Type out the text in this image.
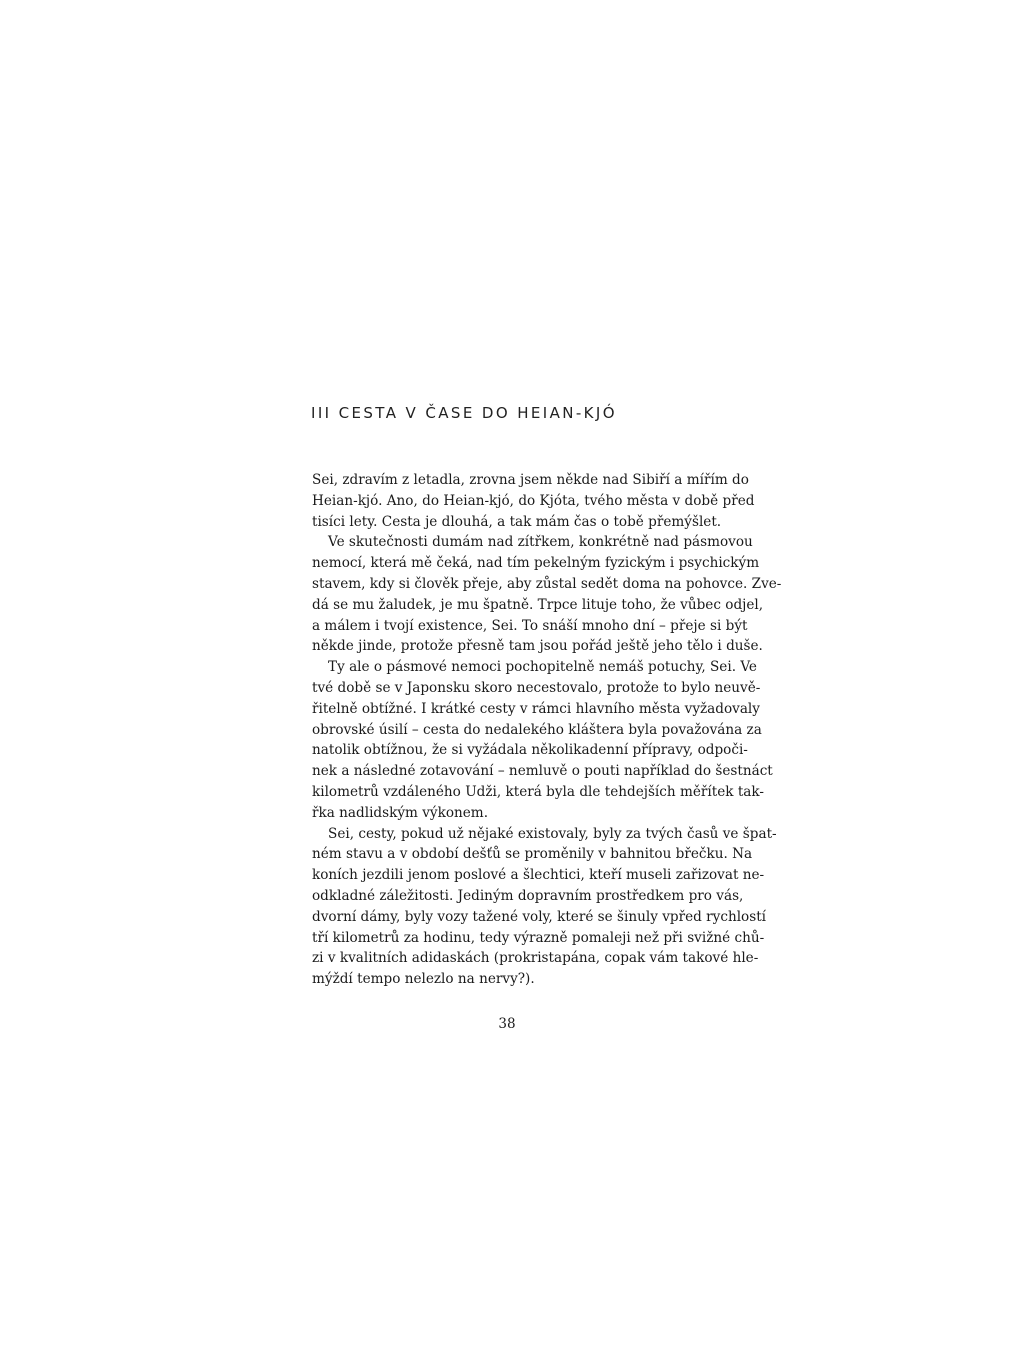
III CESTA V ČASE DO HEIAN-KJÓ
Sei, zdravím z letadla, zrovna jsem někde nad Sibiří a mířím do
Heian-kjó. Ano, do Heian-kjó, do Kjóta, tvého města v době před
tisíci lety. Cesta je dlouhá, a tak mám čas o tobě přemýšlet.
Ve skutečnosti dumám nad zítřkem, konkrétně nad pásmovou
nemocí, která mě čeká, nad tím pekelným fyzickým i psychickým
stavem, kdy si člověk přeje, aby zůstal sedět doma na pohovce. Zve-
dá se mu žaludek, je mu špatně. Trpce lituje toho, že vůbec odjel,
a málem i tvojí existence, Sei. To snáší mnoho dní – přeje si být
někde jinde, protože přesně tam jsou pořád ještě jeho tělo i duše.
Ty ale o pásmové nemoci pochopitelně nemáš potuchy, Sei. Ve
tvé době se v Japonsku skoro necestovalo, protože to bylo neuvě-
řitelně obtížné. I krátké cesty v rámci hlavního města vyžadovaly
obrovské úsilí – cesta do nedalekého kláštera byla považována za
natolik obtížnou, že si vyžádala několikadenní přípravy, odpoči-
nek a následné zotavování – nemluvě o pouti například do šestnáct
kilometrů vzdáleného Udži, která byla dle tehdejších měřítek tak-
řka nadlidským výkonem.
Sei, cesty, pokud už nějaké existovaly, byly za tvých časů ve špat-
ném stavu a v období dešťů se proměnily v bahnitou břečku. Na
koních jezdili jenom poslové a šlechtici, kteří museli zařizovat ne-
odkladné záležitosti. Jediným dopravním prostředkem pro vás,
dvorní dámy, byly vozy tažené voly, které se šinuly vpřed rychlostí
tří kilometrů za hodinu, tedy výrazně pomaleji než při svižné chů-
zi v kvalitních adidaskách (prokristapána, copak vám takové hle-
mýždí tempo nelezlo na nervy?).
38
